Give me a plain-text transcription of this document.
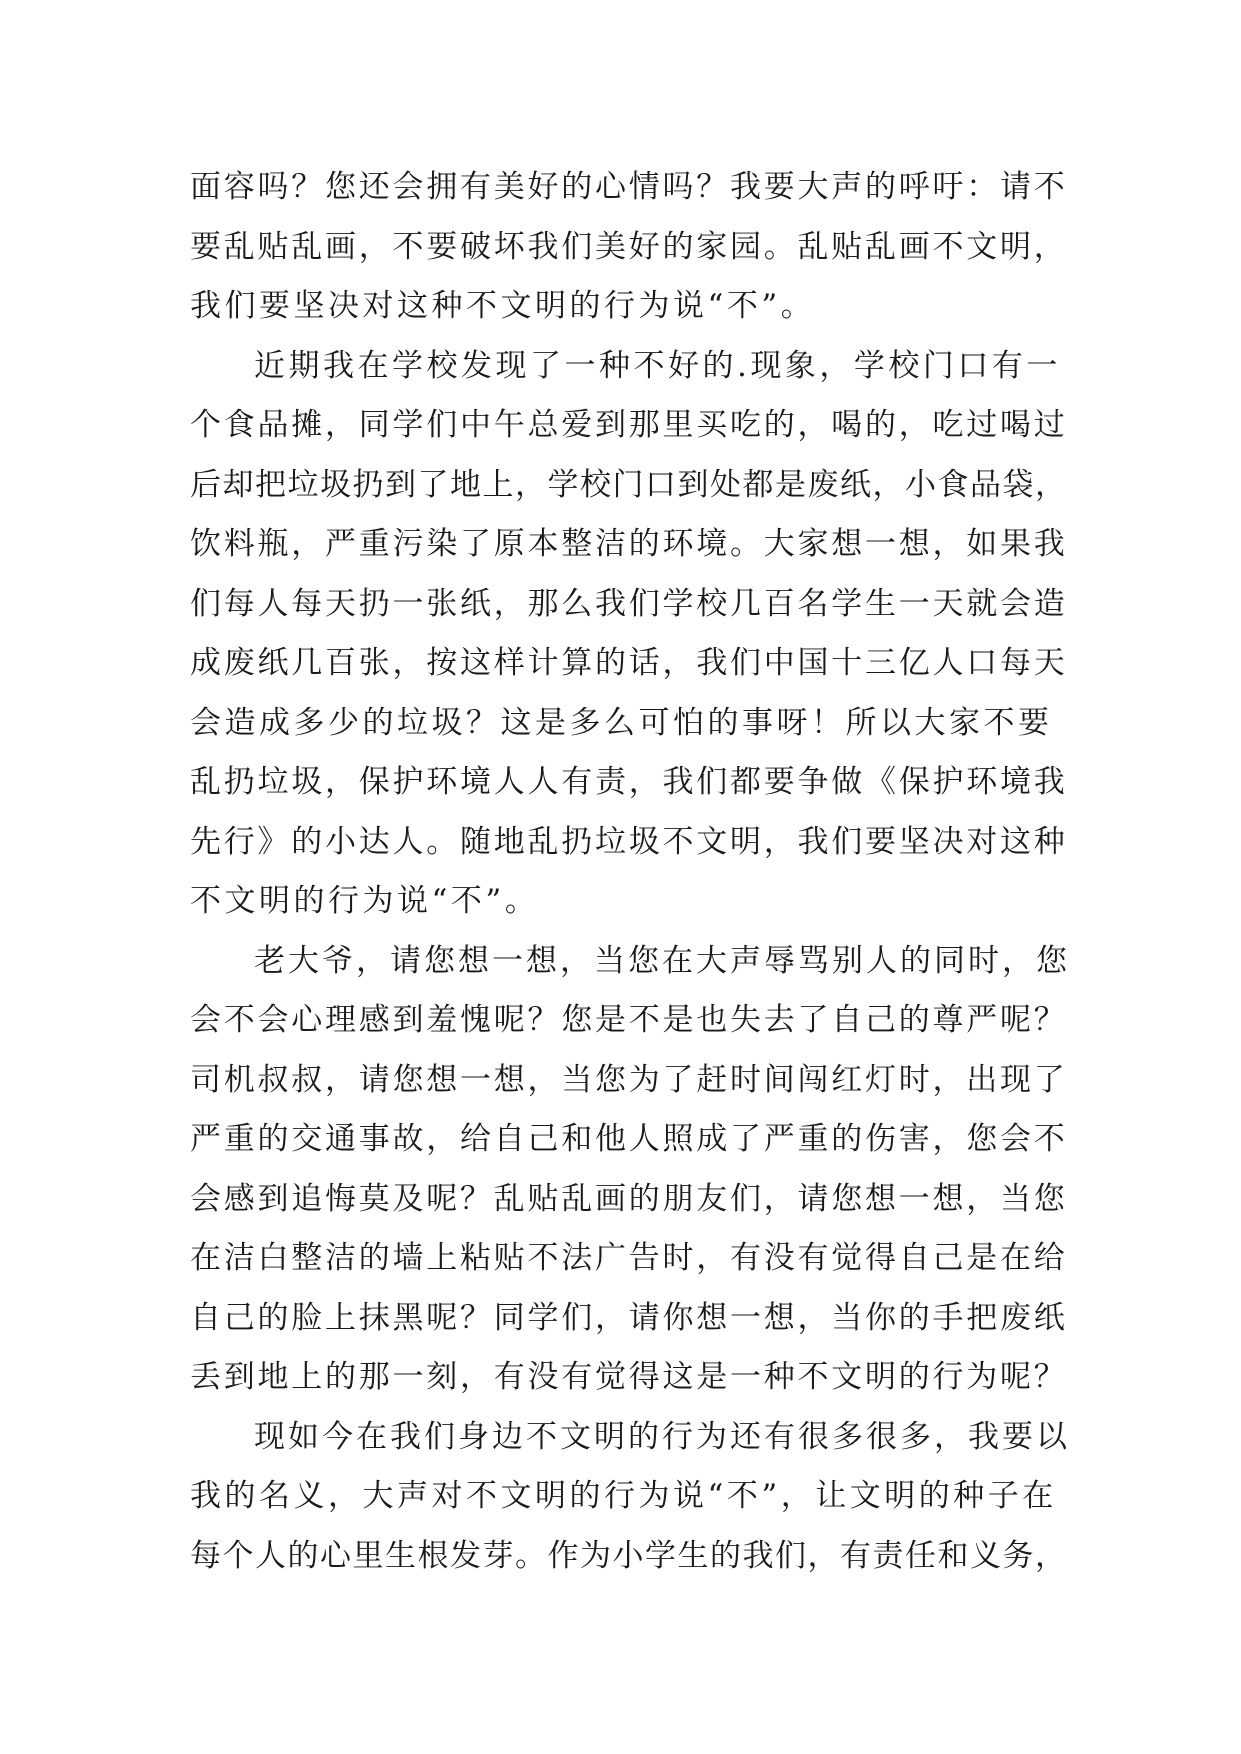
面容吗？您还会拥有美好的心情吗？我要大声的呼吁：请不
要乱贴乱画，不要破坏我们美好的家园。乱贴乱画不文明，
我们要坚决对这种不文明的行为说“不”。
近期我在学校发现了一种不好的.现象，学校门口有一
个食品摊，同学们中午总爱到那里买吃的，喝的，吃过喝过
后却把垃圾扔到了地上，学校门口到处都是废纸，小食品袋，
饮料瓶，严重污染了原本整洁的环境。大家想一想，如果我
们每人每天扔一张纸，那么我们学校几百名学生一天就会造
成废纸几百张，按这样计算的话，我们中国十三亿人口每天
会造成多少的垃圾？这是多么可怕的事呀！所以大家不要
乱扔垃圾，保护环境人人有责，我们都要争做《保护环境我
先行》的小达人。随地乱扔垃圾不文明，我们要坚决对这种
不文明的行为说“不”。
老大爷，请您想一想，当您在大声辱骂别人的同时，您
会不会心理感到羞愧呢？您是不是也失去了自己的尊严呢？
司机叔叔，请您想一想，当您为了赶时间闯红灯时，出现了
严重的交通事故，给自己和他人照成了严重的伤害，您会不
会感到追悔莫及呢？乱贴乱画的朋友们，请您想一想，当您
在洁白整洁的墙上粘贴不法广告时，有没有觉得自己是在给
自己的脸上抹黑呢？同学们，请你想一想，当你的手把废纸
丢到地上的那一刻，有没有觉得这是一种不文明的行为呢？
现如今在我们身边不文明的行为还有很多很多，我要以
我的名义，大声对不文明的行为说“不”，让文明的种子在
每个人的心里生根发芽。作为小学生的我们，有责任和义务，
